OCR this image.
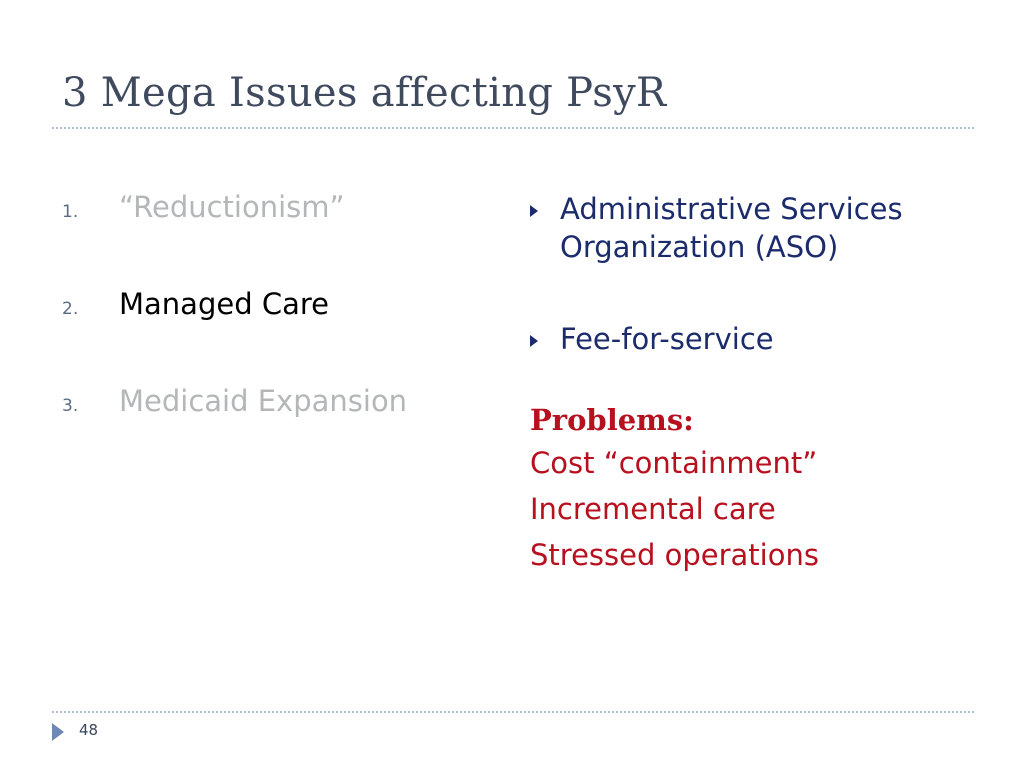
3 Mega Issues affecting PsyR
1. “Reductionism”
2. Managed Care
3. Medicaid Expansion
Administrative Services Organization (ASO)
Fee-for-service
Problems:
Cost “containment”
Incremental care
Stressed operations
48
